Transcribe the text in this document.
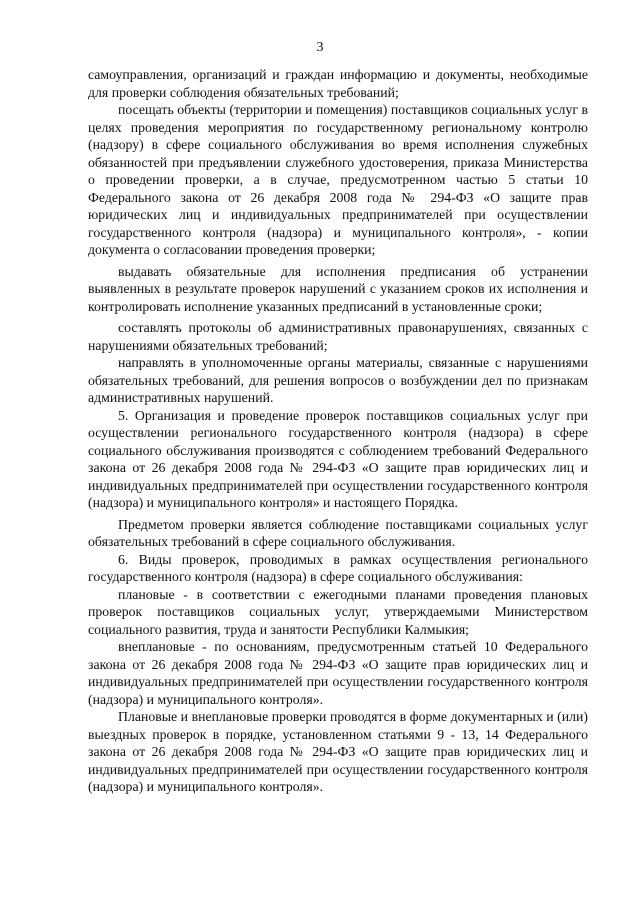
3

самоуправления, организаций и граждан информацию и документы, необходимые для проверки соблюдения обязательных требований;

посещать объекты (территории и помещения) поставщиков социальных услуг в целях проведения мероприятия по государственному региональному контролю (надзору) в сфере социального обслуживания во время исполнения служебных обязанностей при предъявлении служебного удостоверения, приказа Министерства о проведении проверки, а в случае, предусмотренном частью 5 статьи 10 Федерального закона от 26 декабря 2008 года № 294-ФЗ «О защите прав юридических лиц и индивидуальных предпринимателей при осуществлении государственного контроля (надзора) и муниципального контроля», - копии документа о согласовании проведения проверки;

выдавать обязательные для исполнения предписания об устранении выявленных в результате проверок нарушений с указанием сроков их исполнения и контролировать исполнение указанных предписаний в установленные сроки;

составлять протоколы об административных правонарушениях, связанных с нарушениями обязательных требований;

направлять в уполномоченные органы материалы, связанные с нарушениями обязательных требований, для решения вопросов о возбуждении дел по признакам административных нарушений.

5. Организация и проведение проверок поставщиков социальных услуг при осуществлении регионального государственного контроля (надзора) в сфере социального обслуживания производятся с соблюдением требований Федерального закона от 26 декабря 2008 года № 294-ФЗ «О защите прав юридических лиц и индивидуальных предпринимателей при осуществлении государственного контроля (надзора) и муниципального контроля» и настоящего Порядка.

Предметом проверки является соблюдение поставщиками социальных услуг обязательных требований в сфере социального обслуживания.

6. Виды проверок, проводимых в рамках осуществления регионального государственного контроля (надзора) в сфере социального обслуживания:

плановые - в соответствии с ежегодными планами проведения плановых проверок поставщиков социальных услуг, утверждаемыми Министерством социального развития, труда и занятости Республики Калмыкия;

внеплановые - по основаниям, предусмотренным статьей 10 Федерального закона от 26 декабря 2008 года № 294-ФЗ «О защите прав юридических лиц и индивидуальных предпринимателей при осуществлении государственного контроля (надзора) и муниципального контроля».

Плановые и внеплановые проверки проводятся в форме документарных и (или) выездных проверок в порядке, установленном статьями 9 - 13, 14 Федерального закона от 26 декабря 2008 года № 294-ФЗ «О защите прав юридических лиц и индивидуальных предпринимателей при осуществлении государственного контроля (надзора) и муниципального контроля».
